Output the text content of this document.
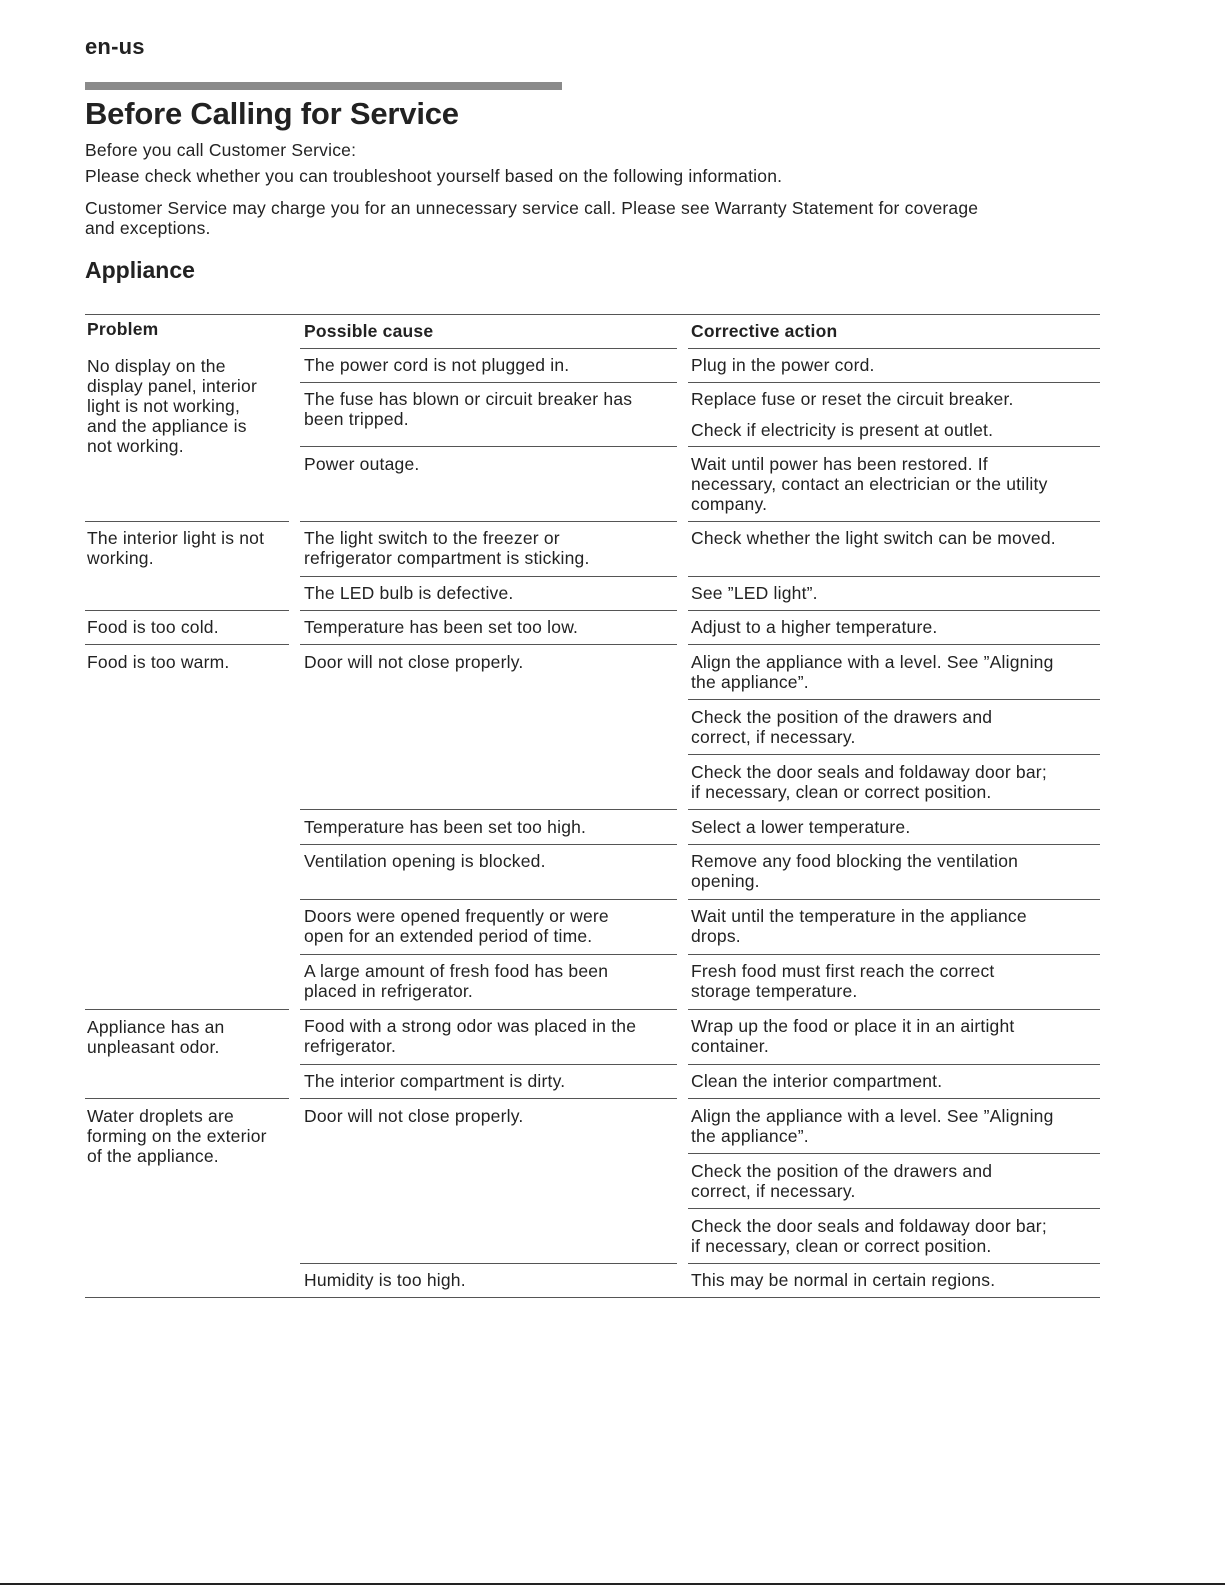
en-us
Before Calling for Service

Before you call Customer Service:

Please check whether you can troubleshoot yourself based on the following information.

Customer Service may charge you for an unnecessary service call. Please see Warranty Statement for coverage
and exceptions.

Appliance
Problem	Possible cause	Corrective action
No display on the
display panel, interior
light is not working,
and the appliance is
not working.
The interior light is not
working.
Food is too cold.
Food is too warm.
Appliance has an
unpleasant odor.
Water droplets are
forming on the exterior
of the appliance.
The power cord is not plugged in.
The fuse has blown or circuit breaker has
been tripped.
Power outage.
The light switch to the freezer or
refrigerator compartment is sticking.
The LED bulb is defective.
Temperature has been set too low.
Door will not close properly.
Temperature has been set too high.
Ventilation opening is blocked.
Doors were opened frequently or were
open for an extended period of time.
A large amount of fresh food has been
placed in refrigerator.
Food with a strong odor was placed in the
refrigerator.
The interior compartment is dirty.
Door will not close properly.
Humidity is too high.
Plug in the power cord.
Replace fuse or reset the circuit breaker.
Check if electricity is present at outlet.
Wait until power has been restored. If
necessary, contact an electrician or the utility
company.
Check whether the light switch can be moved.
See ”LED light”.
Adjust to a higher temperature.
Align the appliance with a level. See ”Aligning
the appliance”.
Check the position of the drawers and
correct, if necessary.
Check the door seals and foldaway door bar;
if necessary, clean or correct position.
Select a lower temperature.
Remove any food blocking the ventilation
opening.
Wait until the temperature in the appliance
drops.
Fresh food must first reach the correct
storage temperature.
Wrap up the food or place it in an airtight
container.
Clean the interior compartment.
Align the appliance with a level. See ”Aligning
the appliance”.
Check the position of the drawers and
correct, if necessary.
Check the door seals and foldaway door bar;
if necessary, clean or correct position.
This may be normal in certain regions.
